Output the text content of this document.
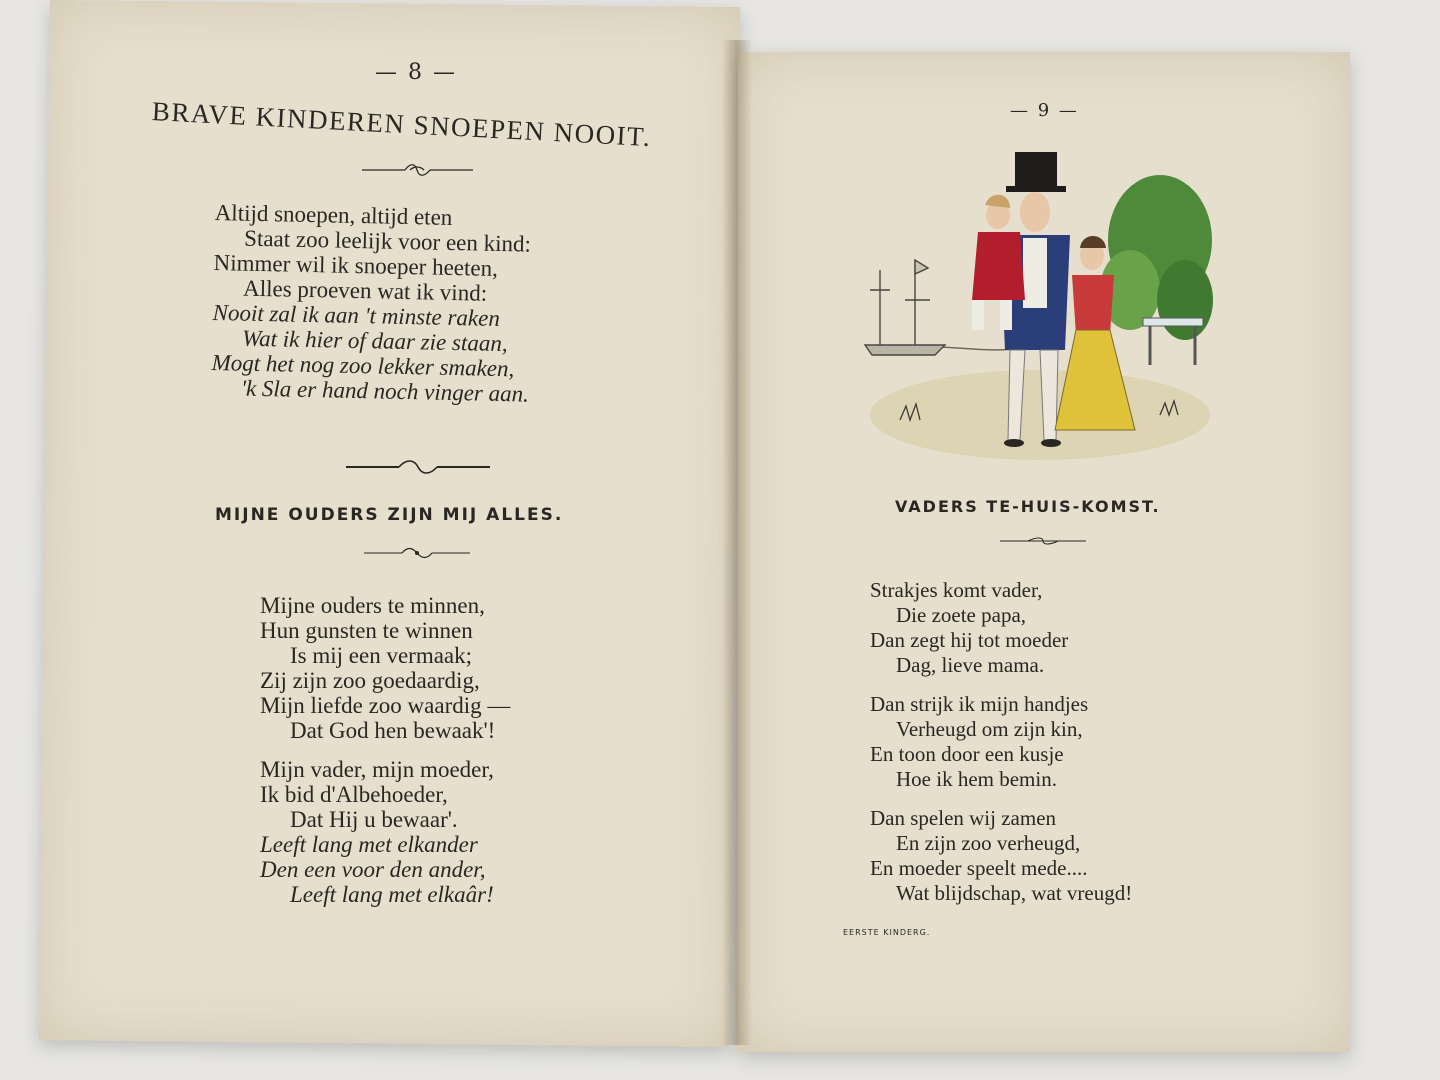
— 8 —
BRAVE KINDEREN SNOEPEN NOOIT.
Altijd snoepen, altijd eten
Staat zoo leelijk voor een kind:
Nimmer wil ik snoeper heeten,
Alles proeven wat ik vind:
Nooit zal ik aan 't minste raken
Wat ik hier of daar zie staan,
Mogt het nog zoo lekker smaken,
'k Sla er hand noch vinger aan.
MIJNE OUDERS ZIJN MIJ ALLES.
Mijne ouders te minnen,
Hun gunsten te winnen
Is mij een vermaak;
Zij zijn zoo goedaardig,
Mijn liefde zoo waardig —
Dat God hen bewaak'!
Mijn vader, mijn moeder,
Ik bid d'Albehoeder,
Dat Hij u bewaar'.
Leeft lang met elkander
Den een voor den ander,
Leeft lang met elkaâr!
— 9 —
VADERS TE-HUIS-KOMST.
Strakjes komt vader,
Die zoete papa,
Dan zegt hij tot moeder
Dag, lieve mama.
Dan strijk ik mijn handjes
Verheugd om zijn kin,
En toon door een kusje
Hoe ik hem bemin.
Dan spelen wij zamen
En zijn zoo verheugd,
En moeder speelt mede....
Wat blijdschap, wat vreugd!
EERSTE KINDERG.
